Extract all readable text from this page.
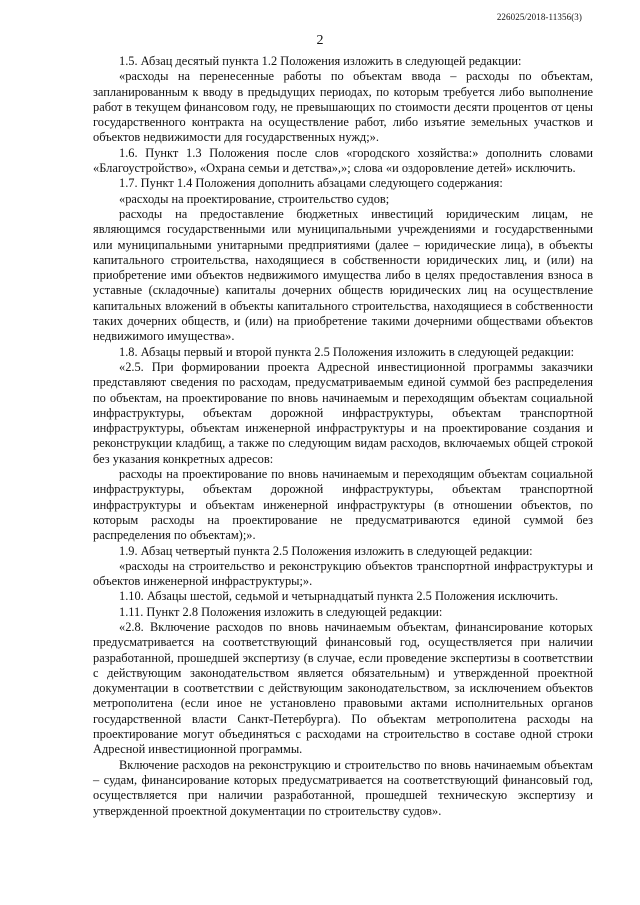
226025/2018-11356(3)
2

1.5. Абзац десятый пункта 1.2 Положения изложить в следующей редакции:

«расходы на перенесенные работы по объектам ввода – расходы по объектам, запланированным к вводу в предыдущих периодах, по которым требуется либо выполнение работ в текущем финансовом году, не превышающих по стоимости десяти процентов от цены государственного контракта на осуществление работ, либо изъятие земельных участков и объектов недвижимости для государственных нужд;».

1.6. Пункт 1.3 Положения после слов «городского хозяйства:» дополнить словами «Благоустройство», «Охрана семьи и детства»,»; слова «и оздоровление детей» исключить.

1.7. Пункт 1.4 Положения дополнить абзацами следующего содержания:

«расходы на проектирование, строительство судов;

расходы на предоставление бюджетных инвестиций юридическим лицам, не являющимся государственными или муниципальными учреждениями и государственными или муниципальными унитарными предприятиями (далее – юридические лица), в объекты капитального строительства, находящиеся в собственности юридических лиц, и (или) на приобретение ими объектов недвижимого имущества либо в целях предоставления взноса в уставные (складочные) капиталы дочерних обществ юридических лиц на осуществление капитальных вложений в объекты капитального строительства, находящиеся в собственности таких дочерних обществ, и (или) на приобретение такими дочерними обществами объектов недвижимого имущества».

1.8. Абзацы первый и второй пункта 2.5 Положения изложить в следующей редакции:

«2.5. При формировании проекта Адресной инвестиционной программы заказчики представляют сведения по расходам, предусматриваемым единой суммой без распределения по объектам, на проектирование по вновь начинаемым и переходящим объектам социальной инфраструктуры, объектам дорожной инфраструктуры, объектам транспортной инфраструктуры, объектам инженерной инфраструктуры и на проектирование создания и реконструкции кладбищ, а также по следующим видам расходов, включаемых общей строкой без указания конкретных адресов:

расходы на проектирование по вновь начинаемым и переходящим объектам социальной инфраструктуры, объектам дорожной инфраструктуры, объектам транспортной инфраструктуры и объектам инженерной инфраструктуры (в отношении объектов, по которым расходы на проектирование не предусматриваются единой суммой без распределения по объектам);».

1.9. Абзац четвертый пункта 2.5 Положения изложить в следующей редакции:

«расходы на строительство и реконструкцию объектов транспортной инфраструктуры и объектов инженерной инфраструктуры;».

1.10. Абзацы шестой, седьмой и четырнадцатый пункта 2.5 Положения исключить.

1.11. Пункт 2.8 Положения изложить в следующей редакции:

«2.8. Включение расходов по вновь начинаемым объектам, финансирование которых предусматривается на соответствующий финансовый год, осуществляется при наличии разработанной, прошедшей экспертизу (в случае, если проведение экспертизы в соответствии с действующим законодательством является обязательным) и утвержденной проектной документации в соответствии с действующим законодательством, за исключением объектов метрополитена (если иное не установлено правовыми актами исполнительных органов государственной власти Санкт-Петербурга). По объектам метрополитена расходы на проектирование могут объединяться с расходами на строительство в составе одной строки Адресной инвестиционной программы.

Включение расходов на реконструкцию и строительство по вновь начинаемым объектам – судам, финансирование которых предусматривается на соответствующий финансовый год, осуществляется при наличии разработанной, прошедшей техническую экспертизу и утвержденной проектной документации по строительству судов».
